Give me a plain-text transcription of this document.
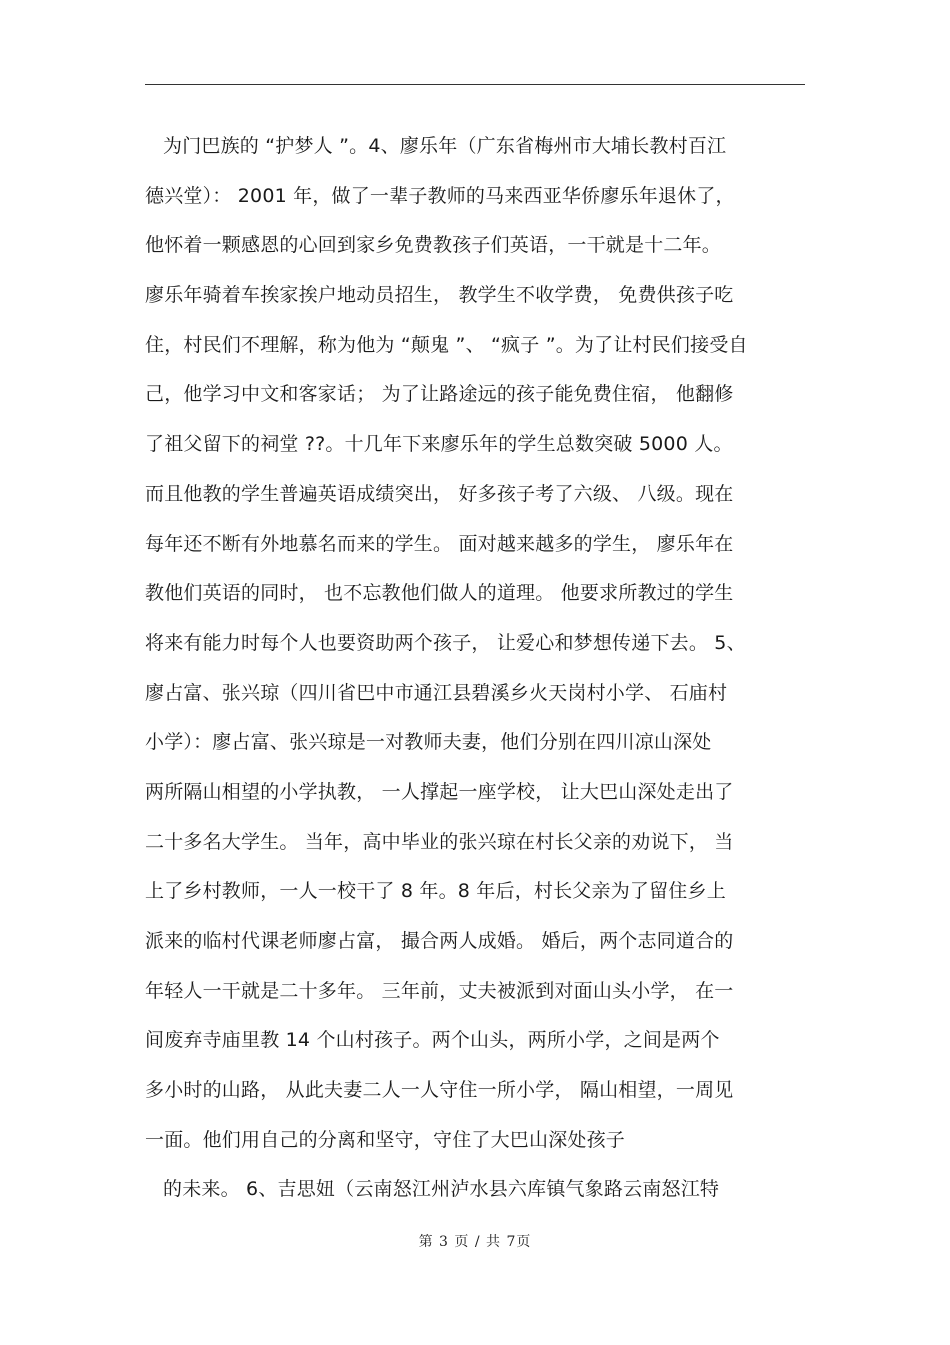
为门巴族的 “护梦人 ”。4、廖乐年（广东省梅州市大埔长教村百江
德兴堂）： 2001 年，做了一辈子教师的马来西亚华侨廖乐年退休了，
他怀着一颗感恩的心回到家乡免费教孩子们英语，一干就是十二年。
廖乐年骑着车挨家挨户地动员招生， 教学生不收学费， 免费供孩子吃
住，村民们不理解，称为他为 “颠鬼 ”、 “疯子 ”。为了让村民们接受自
己，他学习中文和客家话； 为了让路途远的孩子能免费住宿， 他翻修
了祖父留下的祠堂 ??。十几年下来廖乐年的学生总数突破 5000 人。
而且他教的学生普遍英语成绩突出， 好多孩子考了六级、 八级。现在
每年还不断有外地慕名而来的学生。 面对越来越多的学生， 廖乐年在
教他们英语的同时， 也不忘教他们做人的道理。 他要求所教过的学生
将来有能力时每个人也要资助两个孩子， 让爱心和梦想传递下去。 5、
廖占富、张兴琼（四川省巴中市通江县碧溪乡火天岗村小学、 石庙村
小学）：廖占富、张兴琼是一对教师夫妻，他们分别在四川凉山深处
两所隔山相望的小学执教， 一人撑起一座学校， 让大巴山深处走出了
二十多名大学生。 当年，高中毕业的张兴琼在村长父亲的劝说下， 当
上了乡村教师，一人一校干了 8 年。8 年后，村长父亲为了留住乡上
派来的临村代课老师廖占富， 撮合两人成婚。 婚后，两个志同道合的
年轻人一干就是二十多年。 三年前，丈夫被派到对面山头小学， 在一
间废弃寺庙里教 14 个山村孩子。两个山头，两所小学，之间是两个
多小时的山路， 从此夫妻二人一人守住一所小学， 隔山相望，一周见
一面。他们用自己的分离和坚守，守住了大巴山深处孩子
的未来。 6、吉思妞（云南怒江州泸水县六库镇气象路云南怒江特
第 3 页 / 共 7页
